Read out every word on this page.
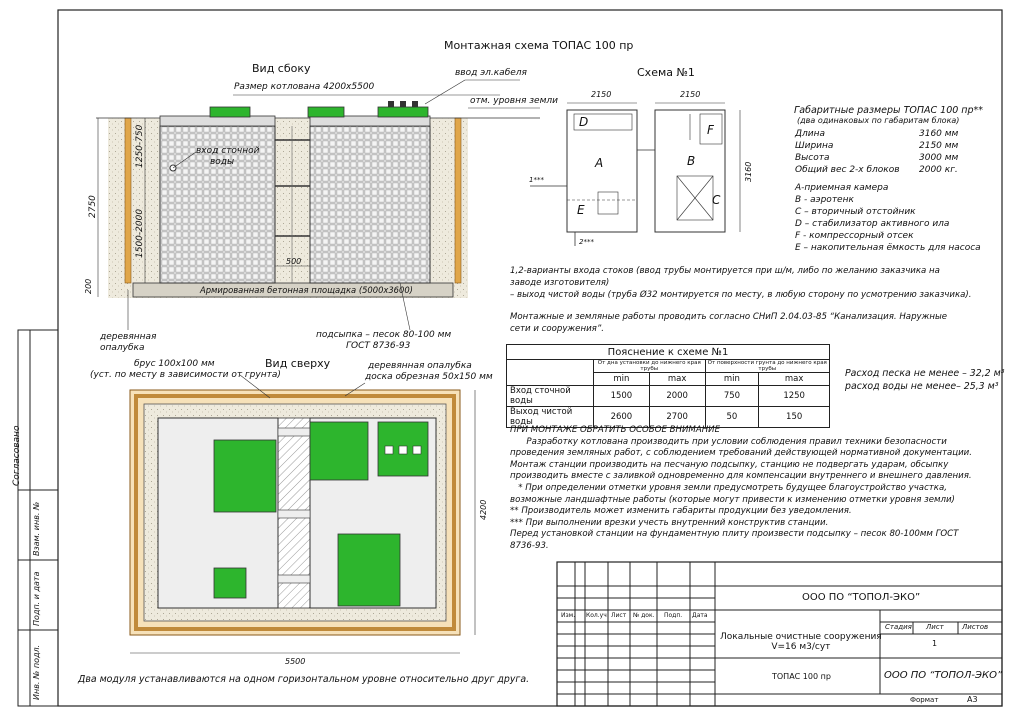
Монтажная схема ТОПАС 100 пр
Вид сбоку
Размер котлована 4200х5500
ввод эл.кабеля
отм. уровня земли
вход сточной
воды
2750
1250-750
1500-2000
200
500
Армированная бетонная площадка (5000х3600)
деревянная
опалубка
подсыпка – песок 80-100 мм
ГОСТ 8736-93
Вид сверху
брус 100х100 мм
(уст. по месту в зависимости от грунта)
деревянная опалубка
доска обрезная 50х150 мм
5500
4200
Два модуля устанавливаются на одном горизонтальном уровне относительно друг друга.
Схема №1
2150	2150
3160
D
A
E
F
B
C
1***
2***
Габаритные размеры ТОПАС 100 пр**
(два одинаковых по габаритам блока)
Длина	3160 мм
Ширина	2150 мм
Высота	3000 мм
Общий вес 2-х блоков	2000 кг.
А-приемная камера
В - аэротенк
С – вторичный отстойник
D – стабилизатор активного ила
F - компрессорный отсек
E – накопительная ёмкость для насоса
1,2-варианты входа стоков (ввод трубы монтируется при ш/м, либо по желанию заказчика на
заводе изготовителя)
– выход чистой воды (труба Ø32 монтируется по месту, в любую сторону по усмотрению заказчика).
Монтажные и земляные работы проводить согласно СНиП 2.04.03-85 “Канализация. Наружные
сети и сооружения”.
Пояснение к схеме №1				
	От дна установки до нижнего края трубы		От поверхности грунта до нижнего края трубы	
	min	max	min	max
Вход сточной воды	1500	2000	750	1250
Выход чистой воды	2600	2700	50	150
Расход песка не менее – 32,2 м³
расход воды не менее– 25,3 м³
ПРИ МОНТАЖЕ ОБРАТИТЬ ОСОБОЕ ВНИМАНИЕ
Разработку котлована производить при условии соблюдения правил техники безопасности
проведения земляных работ, с соблюдением требований действующей нормативной документации.
Монтаж станции производить на песчаную подсыпку, станцию не подвергать ударам, обсыпку
производить вместе с заливкой одновременно для компенсации внутреннего и внешнего давления.
* При определении отметки уровня земли предусмотреть будущее благоустройство участка,
возможные ландшафтные работы (которые могут привести к изменению отметки уровня земли)
** Производитель может изменить габариты продукции без уведомления.
*** При выполнении врезки учесть внутренний конструктив станции.
Перед установкой станции на фундаментную плиту произвести подсыпку – песок 80-100мм ГОСТ
8736-93.
ООО ПО “ТОПОЛ-ЭКО”
Изм. Кол.уч Лист № док. Подп. Дата
Локальные очистные сооружения
V=16 м3/сут
Стадия Лист	Листов
1
ТОПАС 100 пр	ООО ПО “ТОПОЛ-ЭКО”
Формат	А3
Согласовано
Взам. инв. №
Подп. и дата
Инв. № подл.
